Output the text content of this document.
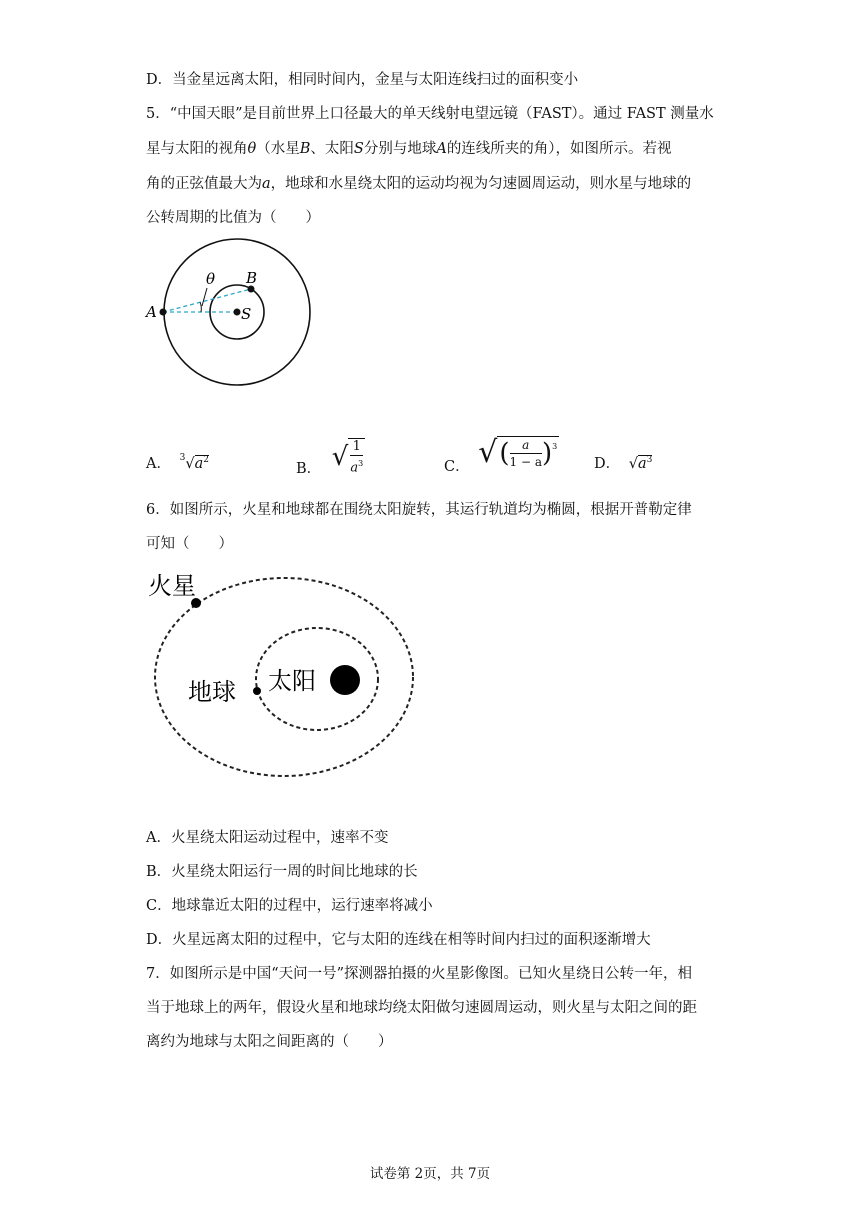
D．当金星远离太阳，相同时间内，金星与太阳连线扫过的面积变小
5．“中国天眼”是目前世界上口径最大的单天线射电望远镜（FAST）。通过 FAST 测量水
星与太阳的视角θ（水星B、太阳S分别与地球A的连线所夹的角），如图所示。若视
角的正弦值最大为a，地球和水星绕太阳的运动均视为匀速圆周运动，则水星与地球的
公转周期的比值为（　　）
A
B
S
θ
A． $^3√a^2$
B． √ $\frac{1}{a^3}$	C． √( $\frac{a}{1 - a} )^3$
D． $√a^3$
6．如图所示，火星和地球都在围绕太阳旋转，其运行轨道均为椭圆，根据开普勒定律
可知（　　）
火星
地球 太阳
A．火星绕太阳运动过程中，速率不变
B．火星绕太阳运行一周的时间比地球的长
C．地球靠近太阳的过程中，运行速率将减小
D．火星远离太阳的过程中，它与太阳的连线在相等时间内扫过的面积逐渐增大
7．如图所示是中国“天问一号”探测器拍摄的火星影像图。已知火星绕日公转一年，相
当于地球上的两年，假设火星和地球均绕太阳做匀速圆周运动，则火星与太阳之间的距
离约为地球与太阳之间距离的（　　）
试卷第 2页，共 7页
